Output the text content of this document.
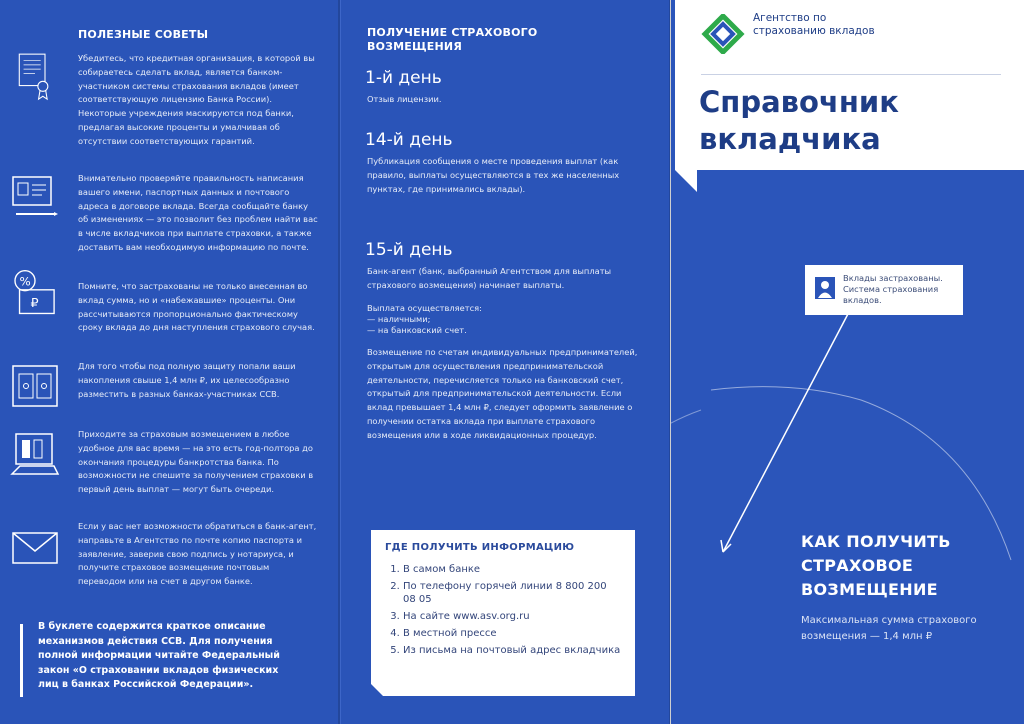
ПОЛЕЗНЫЕ СОВЕТЫ

Убедитесь, что кредитная организация, в которой вы собираетесь сделать вклад, является банком-участником системы страхования вкладов (имеет соответствующую лицензию Банка России). Некоторые учреждения маскируются под банки, предлагая высокие проценты и умалчивая об отсутствии соответствующих гарантий.

Внимательно проверяйте правильность написания вашего имени, паспортных данных и почтового адреса в договоре вклада. Всегда сообщайте банку об изменениях — это позволит без проблем найти вас в числе вкладчиков при выплате страховки, а также доставить вам необходимую информацию по почте.

%
₽

Помните, что застрахованы не только внесенная во вклад сумма, но и «набежавшие» проценты. Они рассчитываются пропорционально фактическому сроку вклада до дня наступления страхового случая.

Для того чтобы под полную защиту попали ваши накопления свыше 1,4 млн ₽, их целесообразно разместить в разных банках-участниках ССВ.

Приходите за страховым возмещением в любое удобное для вас время — на это есть год-полтора до окончания процедуры банкротства банка. По возможности не спешите за получением страховки в первый день выплат — могут быть очереди.

Если у вас нет возможности обратиться в банк-агент, направьте в Агентство по почте копию паспорта и заявление, заверив свою подпись у нотариуса, и получите страховое возмещение почтовым переводом или на счет в другом банке.

В буклете содержится краткое описание механизмов действия ССВ. Для получения полной информации читайте Федеральный закон «О страховании вкладов физических лиц в банках Российской Федерации».
ПОЛУЧЕНИЕ СТРАХОВОГО ВОЗМЕЩЕНИЯ
1-й день

Отзыв лицензии.

14-й день

Публикация сообщения о месте проведения выплат (как правило, выплаты осуществляются в тех же населенных пунктах, где принимались вклады).

15-й день

Банк-агент (банк, выбранный Агентством для выплаты страхового возмещения) начинает выплаты.

Выплата осуществляется:

— наличными;

— на банковский счет.

Возмещение по счетам индивидуальных предпринимателей, открытым для осуществления предпринимательской деятельности, перечисляется только на банковский счет, открытый для предпринимательской деятельности. Если вклад превышает 1,4 млн ₽, следует оформить заявление о получении остатка вклада при выплате страхового возмещения или в ходе ликвидационных процедур.

ГДЕ ПОЛУЧИТЬ ИНФОРМАЦИЮ
1. В самом банке
2. По телефону горячей линии 8 800 200 08 05
3. На сайте www.asv.org.ru
4. В местной прессе
5. Из письма на почтовый адрес вкладчика
Агентство по страхованию вкладов
Справочник
вкладчика
Вклады застрахованы. Система страхования вкладов.
КАК ПОЛУЧИТЬ
СТРАХОВОЕ
ВОЗМЕЩЕНИЕ
Максимальная сумма страхового
возмещения — 1,4 млн ₽
